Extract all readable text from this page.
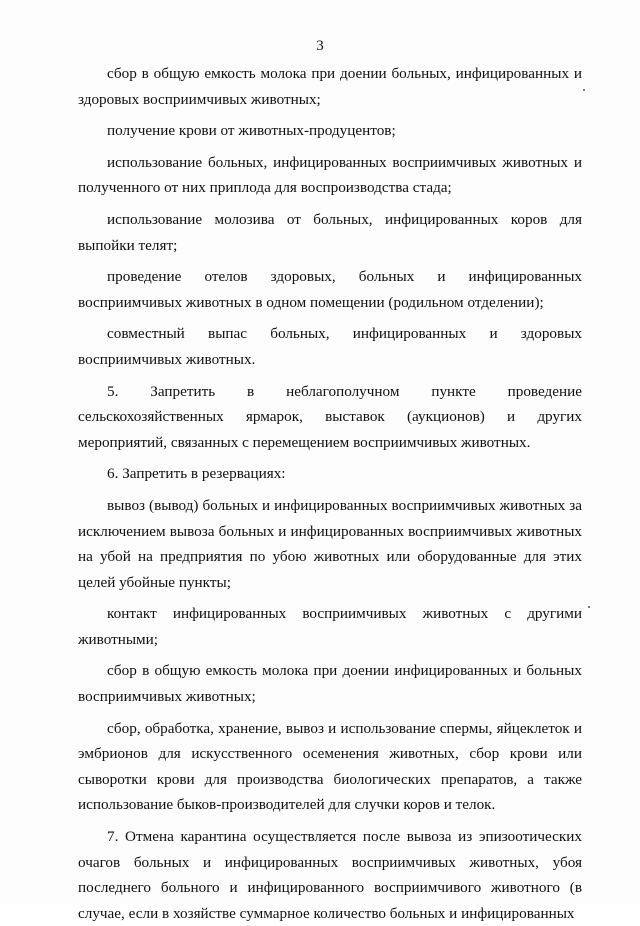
3

сбор в общую емкость молока при доении больных, инфицированных и здоровых восприимчивых животных;

получение крови от животных-продуцентов;

использование больных, инфицированных восприимчивых животных и полученного от них приплода для воспроизводства стада;

использование молозива от больных, инфицированных коров для выпойки телят;

проведение отелов здоровых, больных и инфицированных восприимчивых животных в одном помещении (родильном отделении);

совместный выпас больных, инфицированных и здоровых восприимчивых животных.

5. Запретить в неблагополучном пункте проведение сельскохозяйственных ярмарок, выставок (аукционов) и других мероприятий, связанных с перемещением восприимчивых животных.

6. Запретить в резервациях:

вывоз (вывод) больных и инфицированных восприимчивых животных за исключением вывоза больных и инфицированных восприимчивых животных на убой на предприятия по убою животных или оборудованные для этих целей убойные пункты;

контакт инфицированных восприимчивых животных с другими животными;

сбор в общую емкость молока при доении инфицированных и больных восприимчивых животных;

сбор, обработка, хранение, вывоз и использование спермы, яйцеклеток и эмбрионов для искусственного осеменения животных, сбор крови или сыворотки крови для производства биологических препаратов, а также использование быков-производителей для случки коров и телок.

7. Отмена карантина осуществляется после вывоза из эпизоотических очагов больных и инфицированных восприимчивых животных, убоя последнего больного и инфицированного восприимчивого животного (в случае, если в хозяйстве суммарное количество больных и инфицированных
